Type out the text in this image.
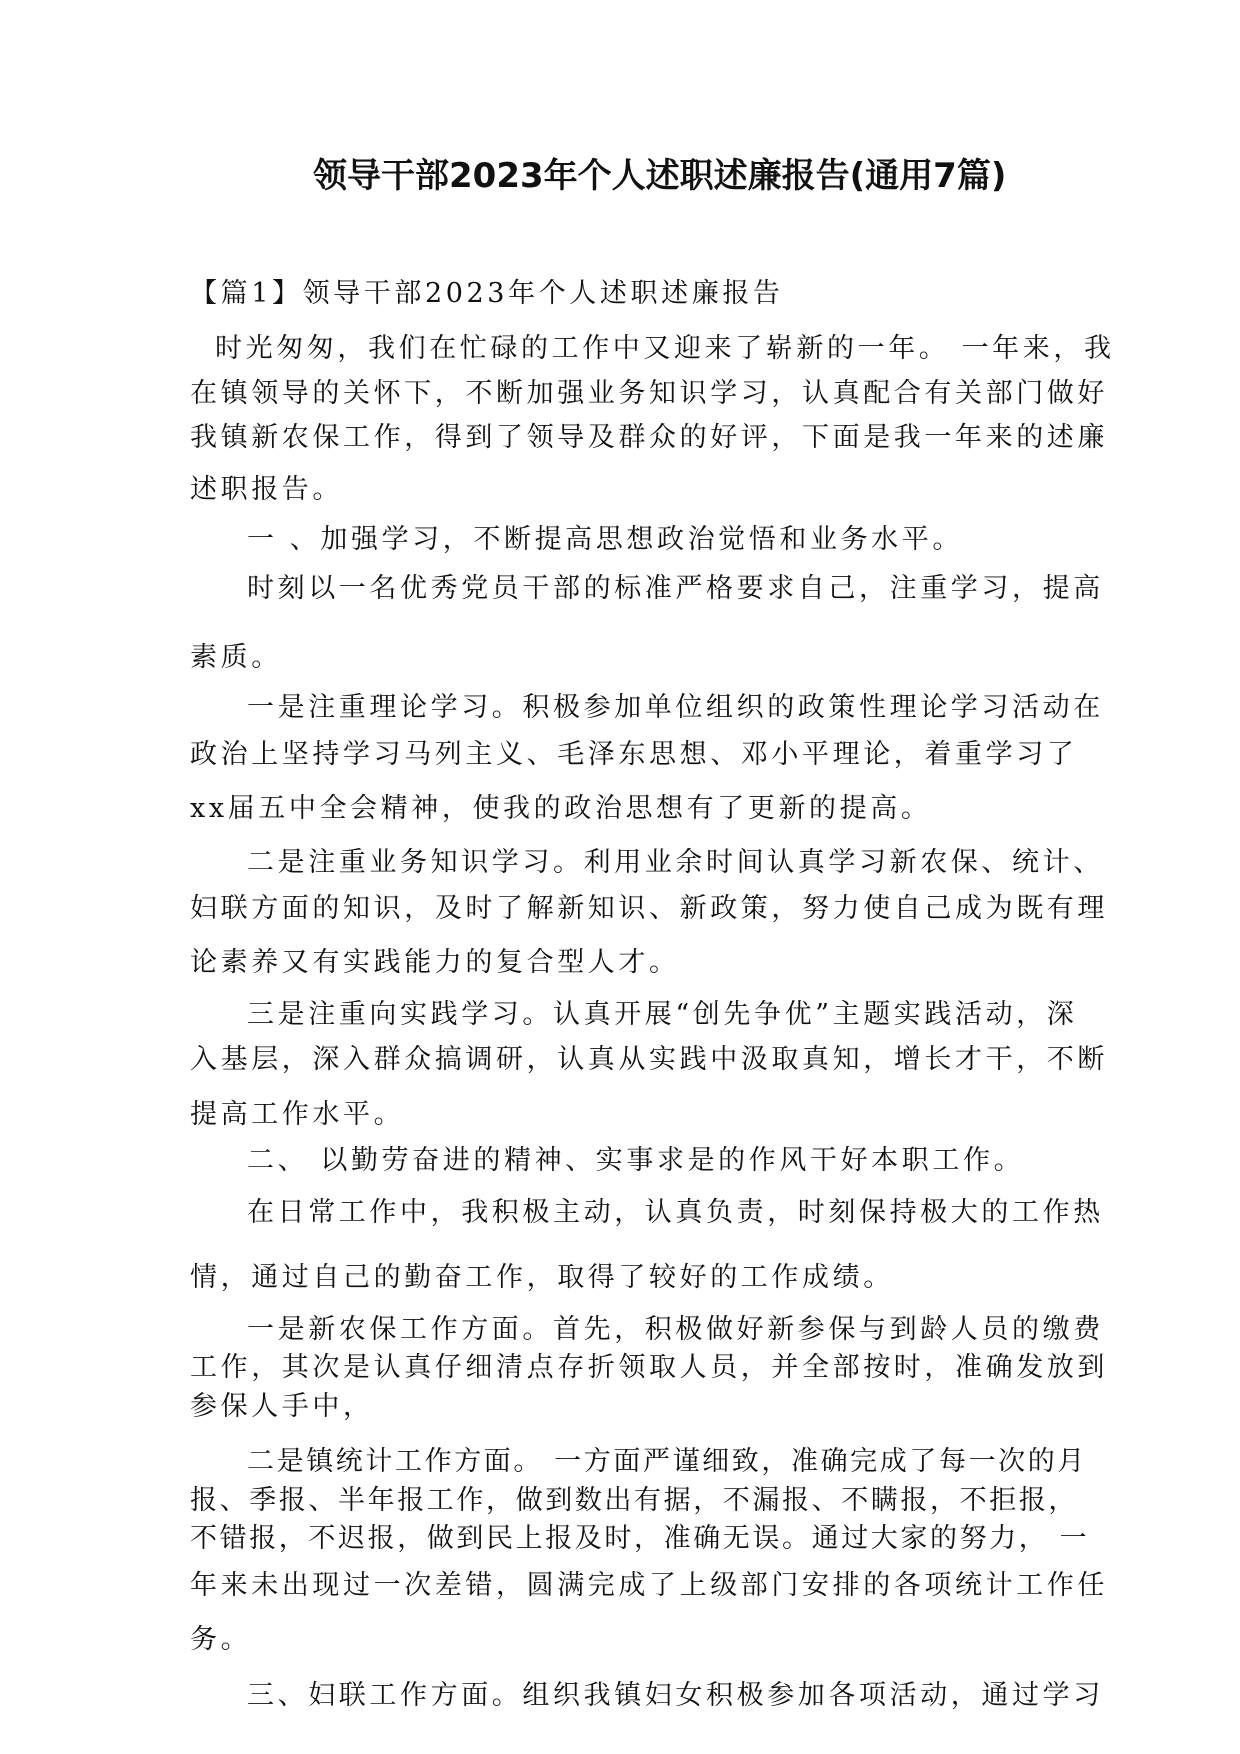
领导干部2023年个人述职述廉报告(通用7篇)
【篇1】领导干部2023年个人述职述廉报告
时光匆匆，我们在忙碌的工作中又迎来了崭新的一年。 一年来，我
在镇领导的关怀下，不断加强业务知识学习，认真配合有关部门做好
我镇新农保工作，得到了领导及群众的好评，下面是我一年来的述廉
述职报告。
一 、加强学习，不断提高思想政治觉悟和业务水平。
时刻以一名优秀党员干部的标准严格要求自己，注重学习，提高
素质。
一是注重理论学习。积极参加单位组织的政策性理论学习活动在
政治上坚持学习马列主义、毛泽东思想、邓小平理论，着重学习了
xx届五中全会精神，使我的政治思想有了更新的提高。
二是注重业务知识学习。利用业余时间认真学习新农保、统计、
妇联方面的知识，及时了解新知识、新政策，努力使自己成为既有理
论素养又有实践能力的复合型人才。
三是注重向实践学习。认真开展“创先争优”主题实践活动，深
入基层，深入群众搞调研，认真从实践中汲取真知，增长才干，不断
提高工作水平。
二、 以勤劳奋进的精神、实事求是的作风干好本职工作。
在日常工作中，我积极主动，认真负责，时刻保持极大的工作热
情，通过自己的勤奋工作，取得了较好的工作成绩。
一是新农保工作方面。首先，积极做好新参保与到龄人员的缴费
工作，其次是认真仔细清点存折领取人员，并全部按时，准确发放到
参保人手中，
二是镇统计工作方面。 一方面严谨细致，准确完成了每一次的月
报、季报、半年报工作，做到数出有据，不漏报、不瞒报，不拒报，
不错报，不迟报，做到民上报及时，准确无误。通过大家的努力， 一
年来未出现过一次差错，圆满完成了上级部门安排的各项统计工作任
务。
三、妇联工作方面。组织我镇妇女积极参加各项活动，通过学习
